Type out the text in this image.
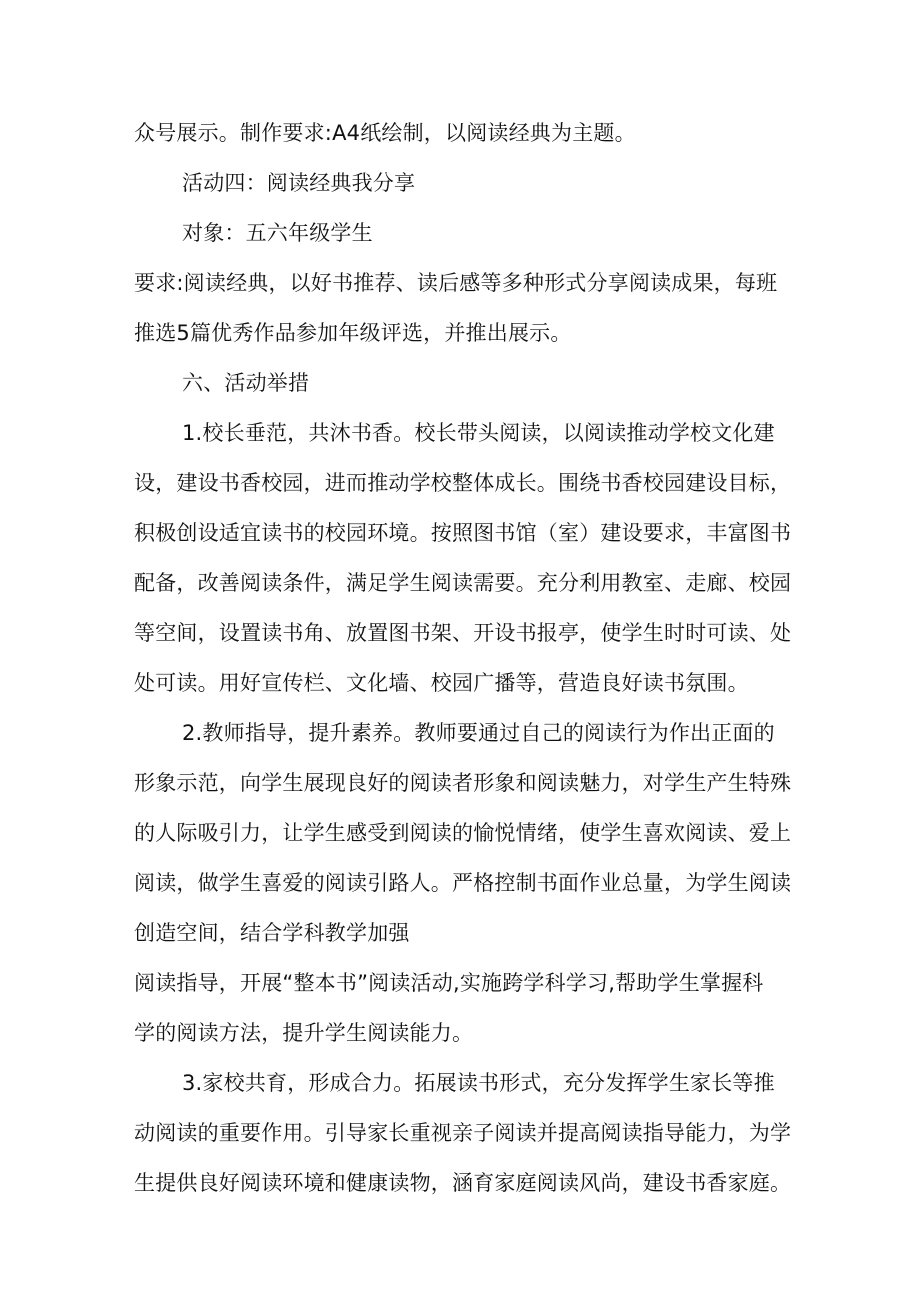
众号展示。制作要求:A4纸绘制，以阅读经典为主题。
活动四：阅读经典我分享
对象：五六年级学生
要求:阅读经典，以好书推荐、读后感等多种形式分享阅读成果，每班
推选5篇优秀作品参加年级评选，并推出展示。
六、活动举措
1.校长垂范，共沐书香。校长带头阅读，以阅读推动学校文化建
设，建设书香校园，进而推动学校整体成长。围绕书香校园建设目标，
积极创设适宜读书的校园环境。按照图书馆（室）建设要求，丰富图书
配备，改善阅读条件，满足学生阅读需要。充分利用教室、走廊、校园
等空间，设置读书角、放置图书架、开设书报亭，使学生时时可读、处
处可读。用好宣传栏、文化墙、校园广播等，营造良好读书氛围。
2.教师指导，提升素养。教师要通过自己的阅读行为作出正面的
形象示范，向学生展现良好的阅读者形象和阅读魅力，对学生产生特殊
的人际吸引力，让学生感受到阅读的愉悦情绪，使学生喜欢阅读、爱上
阅读，做学生喜爱的阅读引路人。严格控制书面作业总量，为学生阅读
创造空间，结合学科教学加强
阅读指导，开展“整本书”阅读活动,实施跨学科学习,帮助学生掌握科
学的阅读方法，提升学生阅读能力。
3.家校共育，形成合力。拓展读书形式，充分发挥学生家长等推
动阅读的重要作用。引导家长重视亲子阅读并提高阅读指导能力，为学
生提供良好阅读环境和健康读物，涵育家庭阅读风尚，建设书香家庭。
